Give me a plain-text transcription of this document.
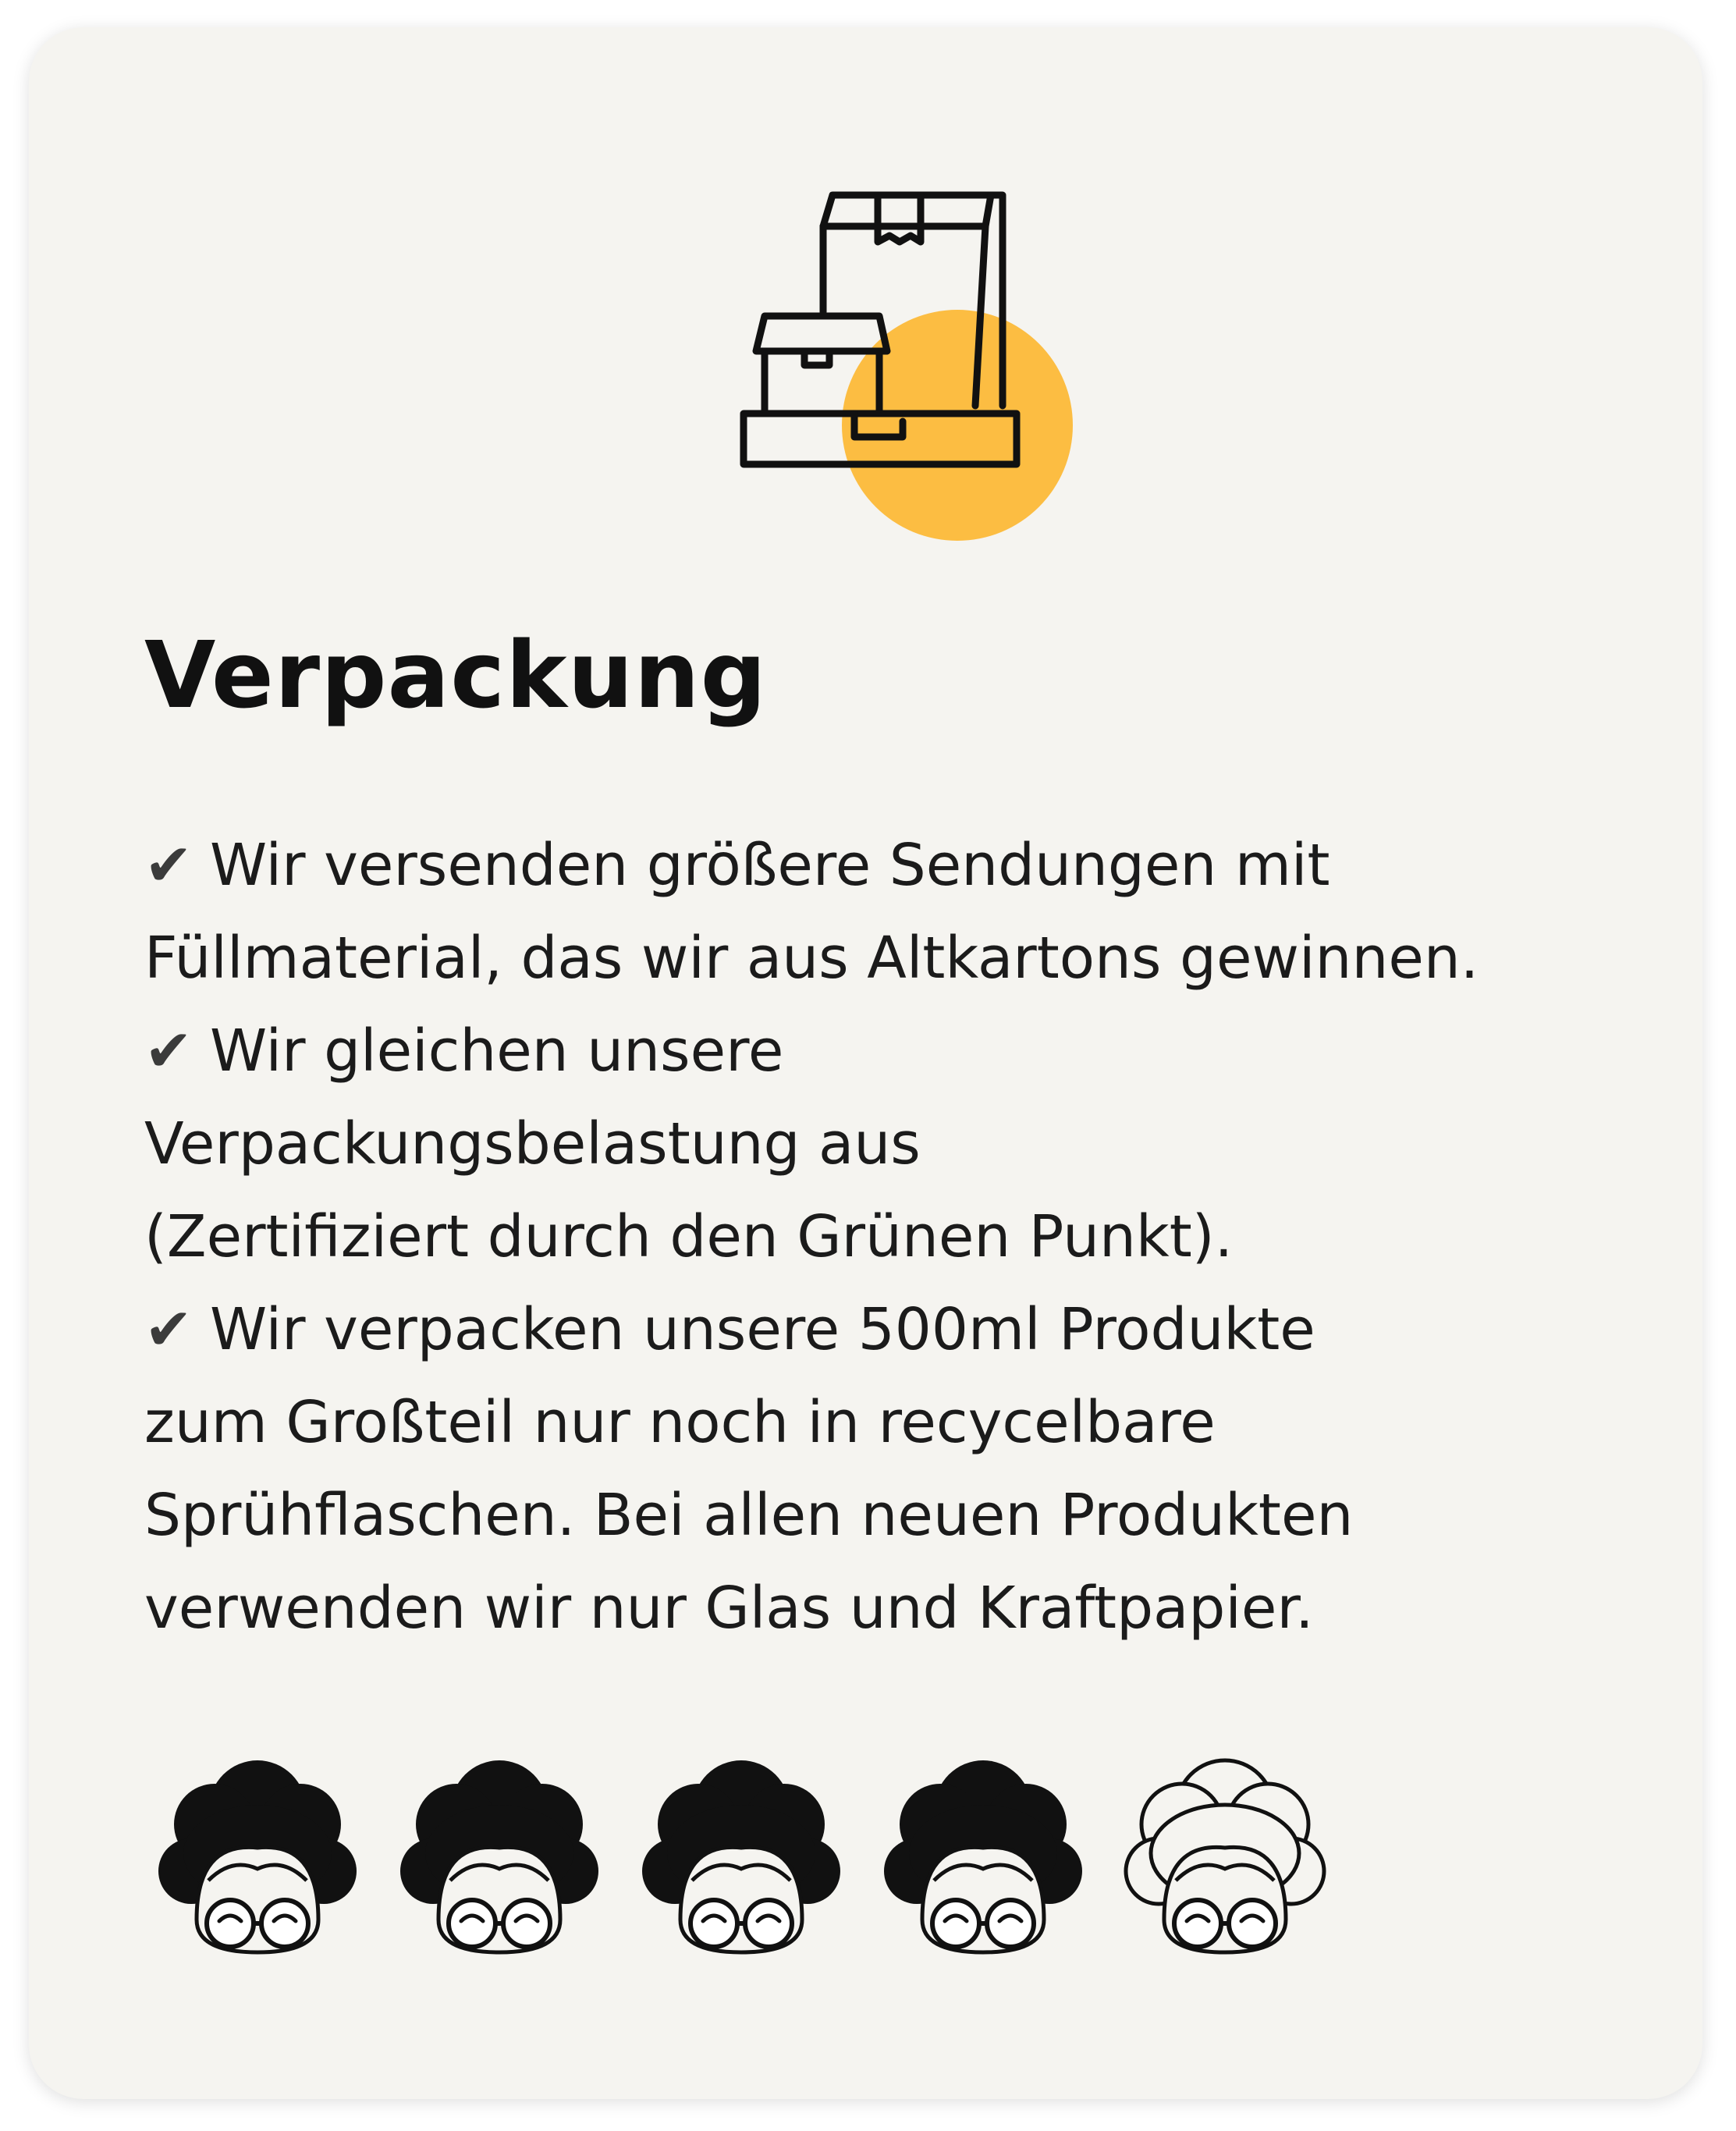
Verpackung
✔ Wir versenden größere Sendungen mit
Füllmaterial, das wir aus Altkartons gewinnen.
✔ Wir gleichen unsere
Verpackungsbelastung aus
(Zertifiziert durch den Grünen Punkt).
✔ Wir verpacken unsere 500ml Produkte
zum Großteil nur noch in recycelbare
Sprühflaschen. Bei allen neuen Produkten
verwenden wir nur Glas und Kraftpapier.
